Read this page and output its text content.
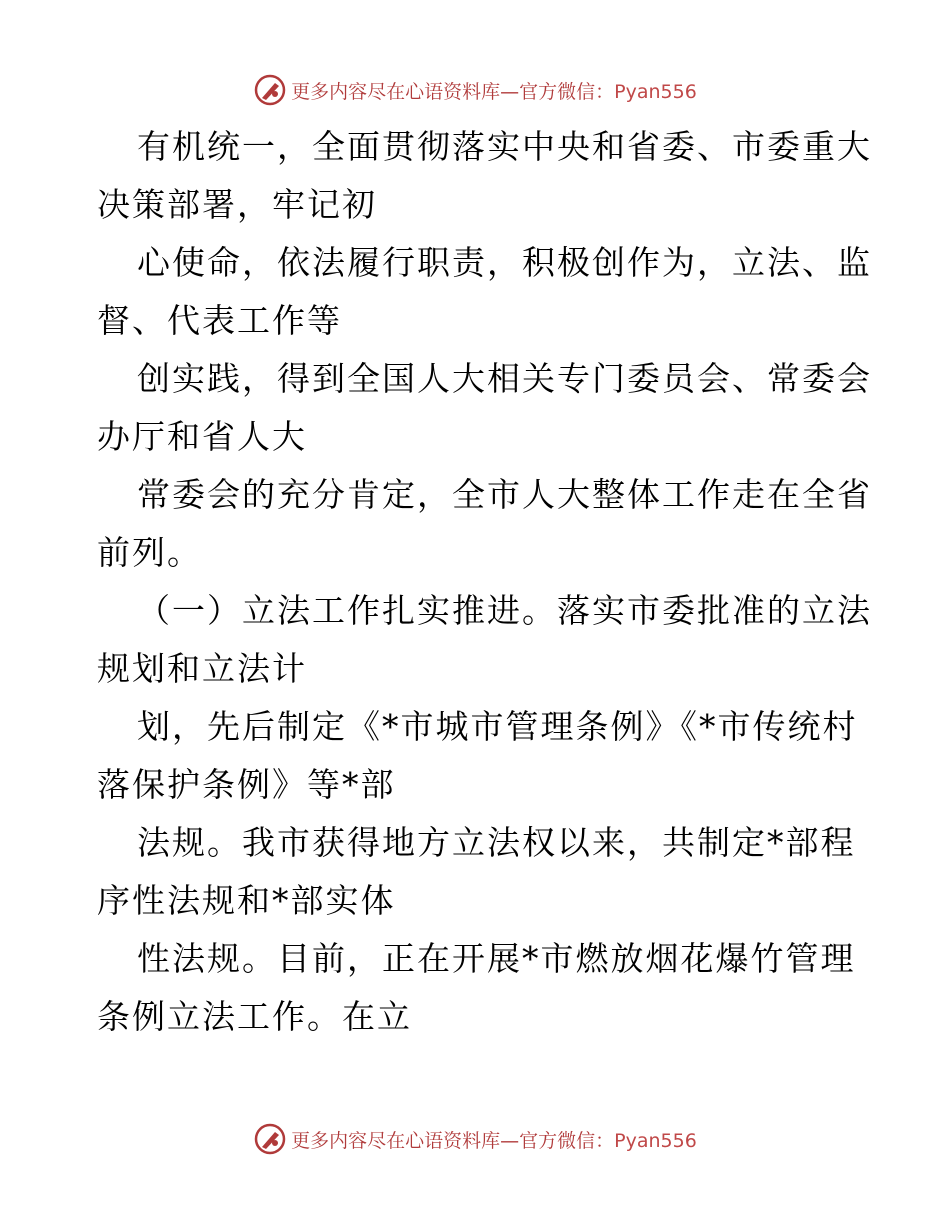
更多内容尽在心语资料库—官方微信：Pyan556
有机统一，全面贯彻落实中央和省委、市委重大
决策部署，牢记初
心使命，依法履行职责，积极创作为，立法、监
督、代表工作等
创实践，得到全国人大相关专门委员会、常委会
办厅和省人大
常委会的充分肯定，全市人大整体工作走在全省
前列。
（一）立法工作扎实推进。落实市委批准的立法
规划和立法计
划，先后制定《*市城市管理条例》《*市传统村
落保护条例》等*部
法规。我市获得地方立法权以来，共制定*部程
序性法规和*部实体
性法规。目前，正在开展*市燃放烟花爆竹管理
条例立法工作。在立
更多内容尽在心语资料库—官方微信：Pyan556
